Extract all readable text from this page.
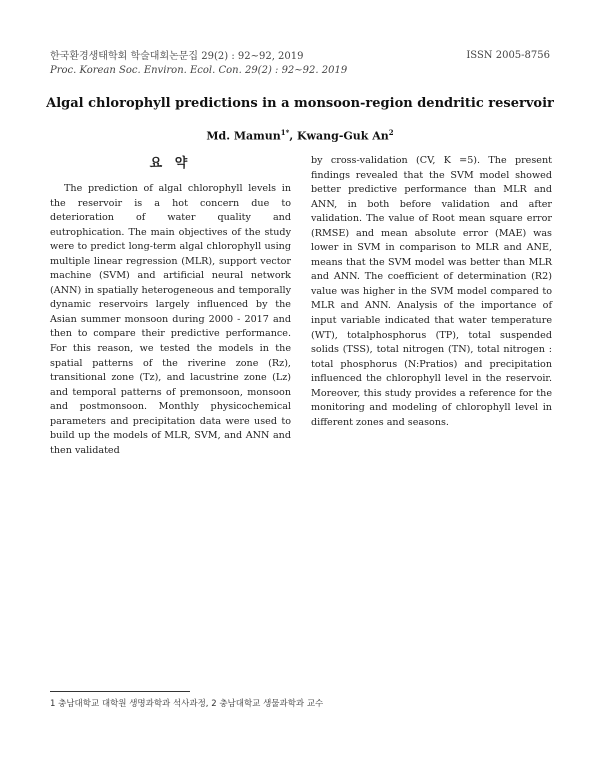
한국환경생태학회 학술대회논문집 29(2) : 92~92, 2019
Proc. Korean Soc. Environ. Ecol. Con. 29(2) : 92~92. 2019
ISSN 2005-8756
Algal chlorophyll predictions in a monsoon-region dendritic reservoir
Md. Mamun$^{1*}$, Kwang-Guk An$^2$
요 약

The prediction of algal chlorophyll levels in the reservoir is a hot concern due to deterioration of water quality and eutrophication. The main objectives of the study were to predict long-term algal chlorophyll using multiple linear regression (MLR), support vector machine (SVM) and artificial neural network (ANN) in spatially heterogeneous and temporally dynamic reservoirs largely influenced by the Asian summer monsoon during 2000 - 2017 and then to compare their predictive performance. For this reason, we tested the models in the spatial patterns of the riverine zone (Rz), transitional zone (Tz), and lacustrine zone (Lz) and temporal patterns of premonsoon, monsoon and postmonsoon. Monthly physicochemical parameters and precipitation data were used to build up the models of MLR, SVM, and ANN and then validated

by cross-validation (CV, K =5). The present findings revealed that the SVM model showed better predictive performance than MLR and ANN, in both before validation and after validation. The value of Root mean square error (RMSE) and mean absolute error (MAE) was lower in SVM in comparison to MLR and ANE, means that the SVM model was better than MLR and ANN. The coefficient of determination (R2) value was higher in the SVM model compared to MLR and ANN. Analysis of the importance of input variable indicated that water temperature (WT), totalphosphorus (TP), total suspended solids (TSS), total nitrogen (TN), total nitrogen : total phosphorus (N:Pratios) and precipitation influenced the chlorophyll level in the reservoir. Moreover, this study provides a reference for the monitoring and modeling of chlorophyll level in different zones and seasons.

1 충남대학교 대학원 생명과학과 석사과정, 2 충남대학교 생물과학과 교수
